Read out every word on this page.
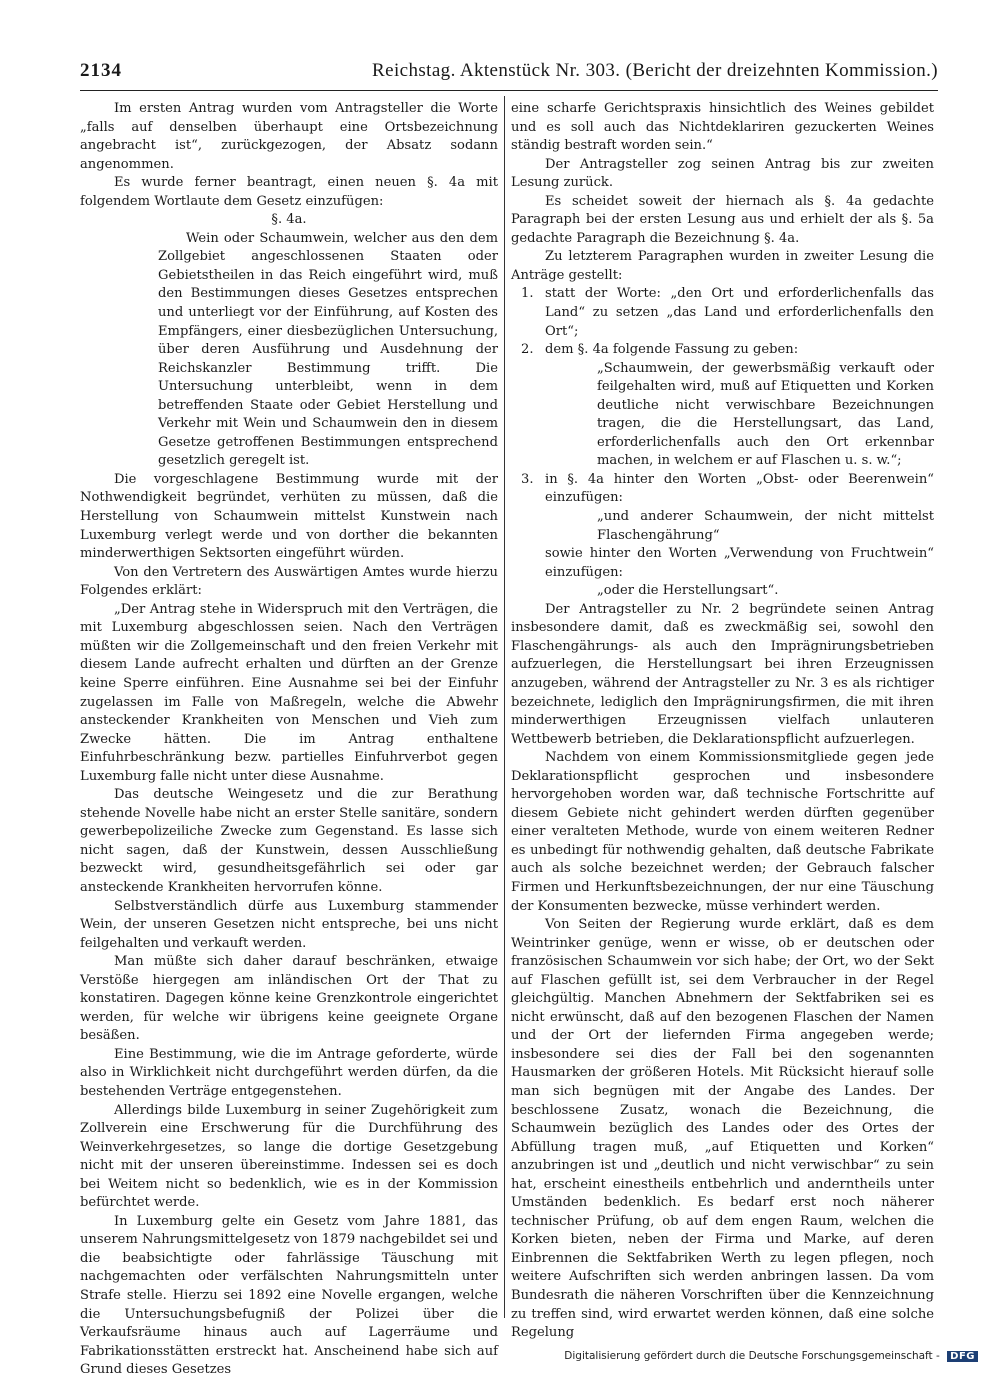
2134	Reichstag. Aktenstück Nr. 303. (Bericht der dreizehnten Kommission.)

Im ersten Antrag wurden vom Antragsteller die Worte „falls auf denselben überhaupt eine Ortsbezeichnung angebracht ist“, zurückgezogen, der Absatz sodann angenommen.

Es wurde ferner beantragt, einen neuen §. 4a mit folgendem Wortlaute dem Gesetz einzufügen:

§. 4a.

Wein oder Schaumwein, welcher aus den dem Zollgebiet angeschlossenen Staaten oder Gebietstheilen in das Reich eingeführt wird, muß den Bestimmungen dieses Gesetzes entsprechen und unterliegt vor der Einführung, auf Kosten des Empfängers, einer diesbezüglichen Untersuchung, über deren Ausführung und Ausdehnung der Reichskanzler Bestimmung trifft. Die Untersuchung unterbleibt, wenn in dem betreffenden Staate oder Gebiet Herstellung und Verkehr mit Wein und Schaumwein den in diesem Gesetze getroffenen Bestimmungen entsprechend gesetzlich geregelt ist.

Die vorgeschlagene Bestimmung wurde mit der Nothwendigkeit begründet, verhüten zu müssen, daß die Herstellung von Schaumwein mittelst Kunstwein nach Luxemburg verlegt werde und von dorther die bekannten minderwerthigen Sektsorten eingeführt würden.

Von den Vertretern des Auswärtigen Amtes wurde hierzu Folgendes erklärt:

„Der Antrag stehe in Widerspruch mit den Verträgen, die mit Luxemburg abgeschlossen seien. Nach den Verträgen müßten wir die Zollgemeinschaft und den freien Verkehr mit diesem Lande aufrecht erhalten und dürften an der Grenze keine Sperre einführen. Eine Ausnahme sei bei der Einfuhr zugelassen im Falle von Maßregeln, welche die Abwehr ansteckender Krankheiten von Menschen und Vieh zum Zwecke hätten. Die im Antrag enthaltene Einfuhrbeschränkung bezw. partielles Einfuhrverbot gegen Luxemburg falle nicht unter diese Ausnahme.

Das deutsche Weingesetz und die zur Berathung stehende Novelle habe nicht an erster Stelle sanitäre, sondern gewerbepolizeiliche Zwecke zum Gegenstand. Es lasse sich nicht sagen, daß der Kunstwein, dessen Ausschließung bezweckt wird, gesundheitsgefährlich sei oder gar ansteckende Krankheiten hervorrufen könne.

Selbstverständlich dürfe aus Luxemburg stammender Wein, der unseren Gesetzen nicht entspreche, bei uns nicht feilgehalten und verkauft werden.

Man müßte sich daher darauf beschränken, etwaige Verstöße hiergegen am inländischen Ort der That zu konstatiren. Dagegen könne keine Grenzkontrole eingerichtet werden, für welche wir übrigens keine geeignete Organe besäßen.

Eine Bestimmung, wie die im Antrage geforderte, würde also in Wirklichkeit nicht durchgeführt werden dürfen, da die bestehenden Verträge entgegenstehen.

Allerdings bilde Luxemburg in seiner Zugehörigkeit zum Zollverein eine Erschwerung für die Durchführung des Weinverkehrgesetzes, so lange die dortige Gesetzgebung nicht mit der unseren übereinstimme. Indessen sei es doch bei Weitem nicht so bedenklich, wie es in der Kommission befürchtet werde.

In Luxemburg gelte ein Gesetz vom Jahre 1881, das unserem Nahrungsmittelgesetz von 1879 nachgebildet sei und die beabsichtigte oder fahrlässige Täuschung mit nachgemachten oder verfälschten Nahrungsmitteln unter Strafe stelle. Hierzu sei 1892 eine Novelle ergangen, welche die Untersuchungsbefugniß der Polizei über die Verkaufsräume hinaus auch auf Lagerräume und Fabrikationsstätten erstreckt hat. Anscheinend habe sich auf Grund dieses Gesetzes

eine scharfe Gerichtspraxis hinsichtlich des Weines gebildet und es soll auch das Nichtdeklariren gezuckerten Weines ständig bestraft worden sein.“

Der Antragsteller zog seinen Antrag bis zur zweiten Lesung zurück.

Es scheidet soweit der hiernach als §. 4a gedachte Paragraph bei der ersten Lesung aus und erhielt der als §. 5a gedachte Paragraph die Bezeichnung §. 4a.

Zu letzterem Paragraphen wurden in zweiter Lesung die Anträge gestellt:

1. statt der Worte: „den Ort und erforderlichenfalls das Land“ zu setzen „das Land und erforderlichenfalls den Ort“;

2. dem §. 4a folgende Fassung zu geben:

„Schaumwein, der gewerbsmäßig verkauft oder feilgehalten wird, muß auf Etiquetten und Korken deutliche nicht verwischbare Bezeichnungen tragen, die die Herstellungsart, das Land, erforderlichenfalls auch den Ort erkennbar machen, in welchem er auf Flaschen u. s. w.“;

3. in §. 4a hinter den Worten „Obst- oder Beerenwein“ einzufügen:

„und anderer Schaumwein, der nicht mittelst Flaschengährung“

sowie hinter den Worten „Verwendung von Fruchtwein“ einzufügen:

„oder die Herstellungsart“.

Der Antragsteller zu Nr. 2 begründete seinen Antrag insbesondere damit, daß es zweckmäßig sei, sowohl den Flaschengährungs- als auch den Imprägnirungsbetrieben aufzuerlegen, die Herstellungsart bei ihren Erzeugnissen anzugeben, während der Antragsteller zu Nr. 3 es als richtiger bezeichnete, lediglich den Imprägnirungsfirmen, die mit ihren minderwerthigen Erzeugnissen vielfach unlauteren Wettbewerb betrieben, die Deklarationspflicht aufzuerlegen.

Nachdem von einem Kommissionsmitgliede gegen jede Deklarationspflicht gesprochen und insbesondere hervorgehoben worden war, daß technische Fortschritte auf diesem Gebiete nicht gehindert werden dürften gegenüber einer veralteten Methode, wurde von einem weiteren Redner es unbedingt für nothwendig gehalten, daß deutsche Fabrikate auch als solche bezeichnet werden; der Gebrauch falscher Firmen und Herkunftsbezeichnungen, der nur eine Täuschung der Konsumenten bezwecke, müsse verhindert werden.

Von Seiten der Regierung wurde erklärt, daß es dem Weintrinker genüge, wenn er wisse, ob er deutschen oder französischen Schaumwein vor sich habe; der Ort, wo der Sekt auf Flaschen gefüllt ist, sei dem Verbraucher in der Regel gleichgültig. Manchen Abnehmern der Sektfabriken sei es nicht erwünscht, daß auf den bezogenen Flaschen der Namen und der Ort der liefernden Firma angegeben werde; insbesondere sei dies der Fall bei den sogenannten Hausmarken der größeren Hotels. Mit Rücksicht hierauf solle man sich begnügen mit der Angabe des Landes. Der beschlossene Zusatz, wonach die Bezeichnung, die Schaumwein bezüglich des Landes oder des Ortes der Abfüllung tragen muß, „auf Etiquetten und Korken“ anzubringen ist und „deutlich und nicht verwischbar“ zu sein hat, erscheint einestheils entbehrlich und anderntheils unter Umständen bedenklich. Es bedarf erst noch näherer technischer Prüfung, ob auf dem engen Raum, welchen die Korken bieten, neben der Firma und Marke, auf deren Einbrennen die Sektfabriken Werth zu legen pflegen, noch weitere Aufschriften sich werden anbringen lassen. Da vom Bundesrath die näheren Vorschriften über die Kennzeichnung zu treffen sind, wird erwartet werden können, daß eine solche Regelung

Digitalisierung gefördert durch die Deutsche Forschungsgemeinschaft - DFG
